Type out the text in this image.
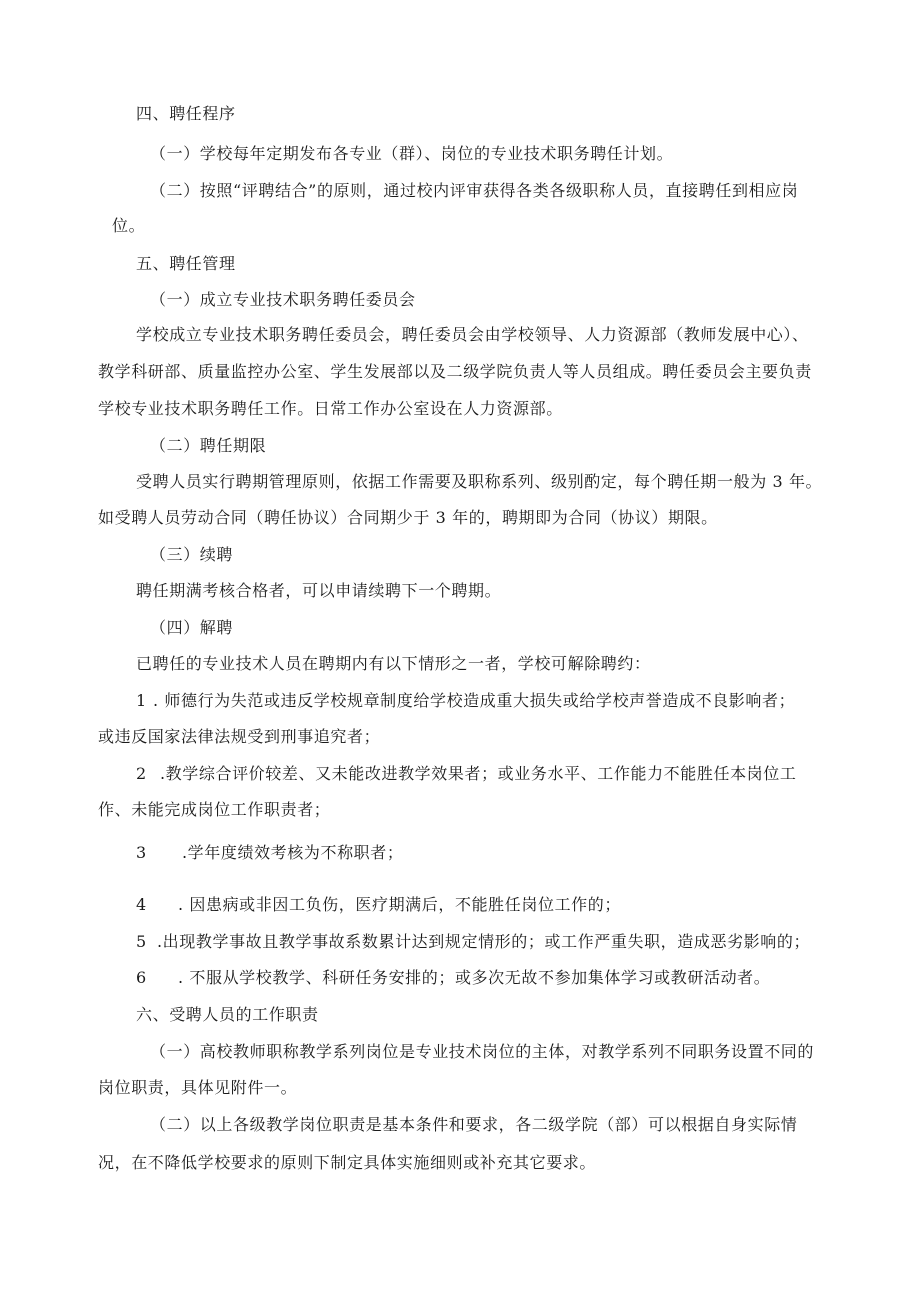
四、聘任程序
（一）学校每年定期发布各专业（群）、岗位的专业技术职务聘任计划。
（二）按照“评聘结合”的原则，通过校内评审获得各类各级职称人员，直接聘任到相应岗
位。
五、聘任管理
（一）成立专业技术职务聘任委员会
学校成立专业技术职务聘任委员会，聘任委员会由学校领导、人力资源部（教师发展中心）、
教学科研部、质量监控办公室、学生发展部以及二级学院负责人等人员组成。聘任委员会主要负责
学校专业技术职务聘任工作。日常工作办公室设在人力资源部。
（二）聘任期限
受聘人员实行聘期管理原则，依据工作需要及职称系列、级别酌定，每个聘任期一般为 3 年。
如受聘人员劳动合同（聘任协议）合同期少于 3 年的，聘期即为合同（协议）期限。
（三）续聘
聘任期满考核合格者，可以申请续聘下一个聘期。
（四）解聘
已聘任的专业技术人员在聘期内有以下情形之一者，学校可解除聘约：
1 . 师德行为失范或违反学校规章制度给学校造成重大损失或给学校声誉造成不良影响者；
或违反国家法律法规受到刑事追究者；
2 .教学综合评价较差、又未能改进教学效果者；或业务水平、工作能力不能胜任本岗位工
作、未能完成岗位工作职责者；
3 .学年度绩效考核为不称职者；
4 . 因患病或非因工负伤，医疗期满后，不能胜任岗位工作的；
5 .出现教学事故且教学事故系数累计达到规定情形的；或工作严重失职，造成恶劣影响的；
6 . 不服从学校教学、科研任务安排的；或多次无故不参加集体学习或教研活动者。
六、受聘人员的工作职责
（一）高校教师职称教学系列岗位是专业技术岗位的主体，对教学系列不同职务设置不同的
岗位职责，具体见附件一。
（二）以上各级教学岗位职责是基本条件和要求，各二级学院（部）可以根据自身实际情
况，在不降低学校要求的原则下制定具体实施细则或补充其它要求。
